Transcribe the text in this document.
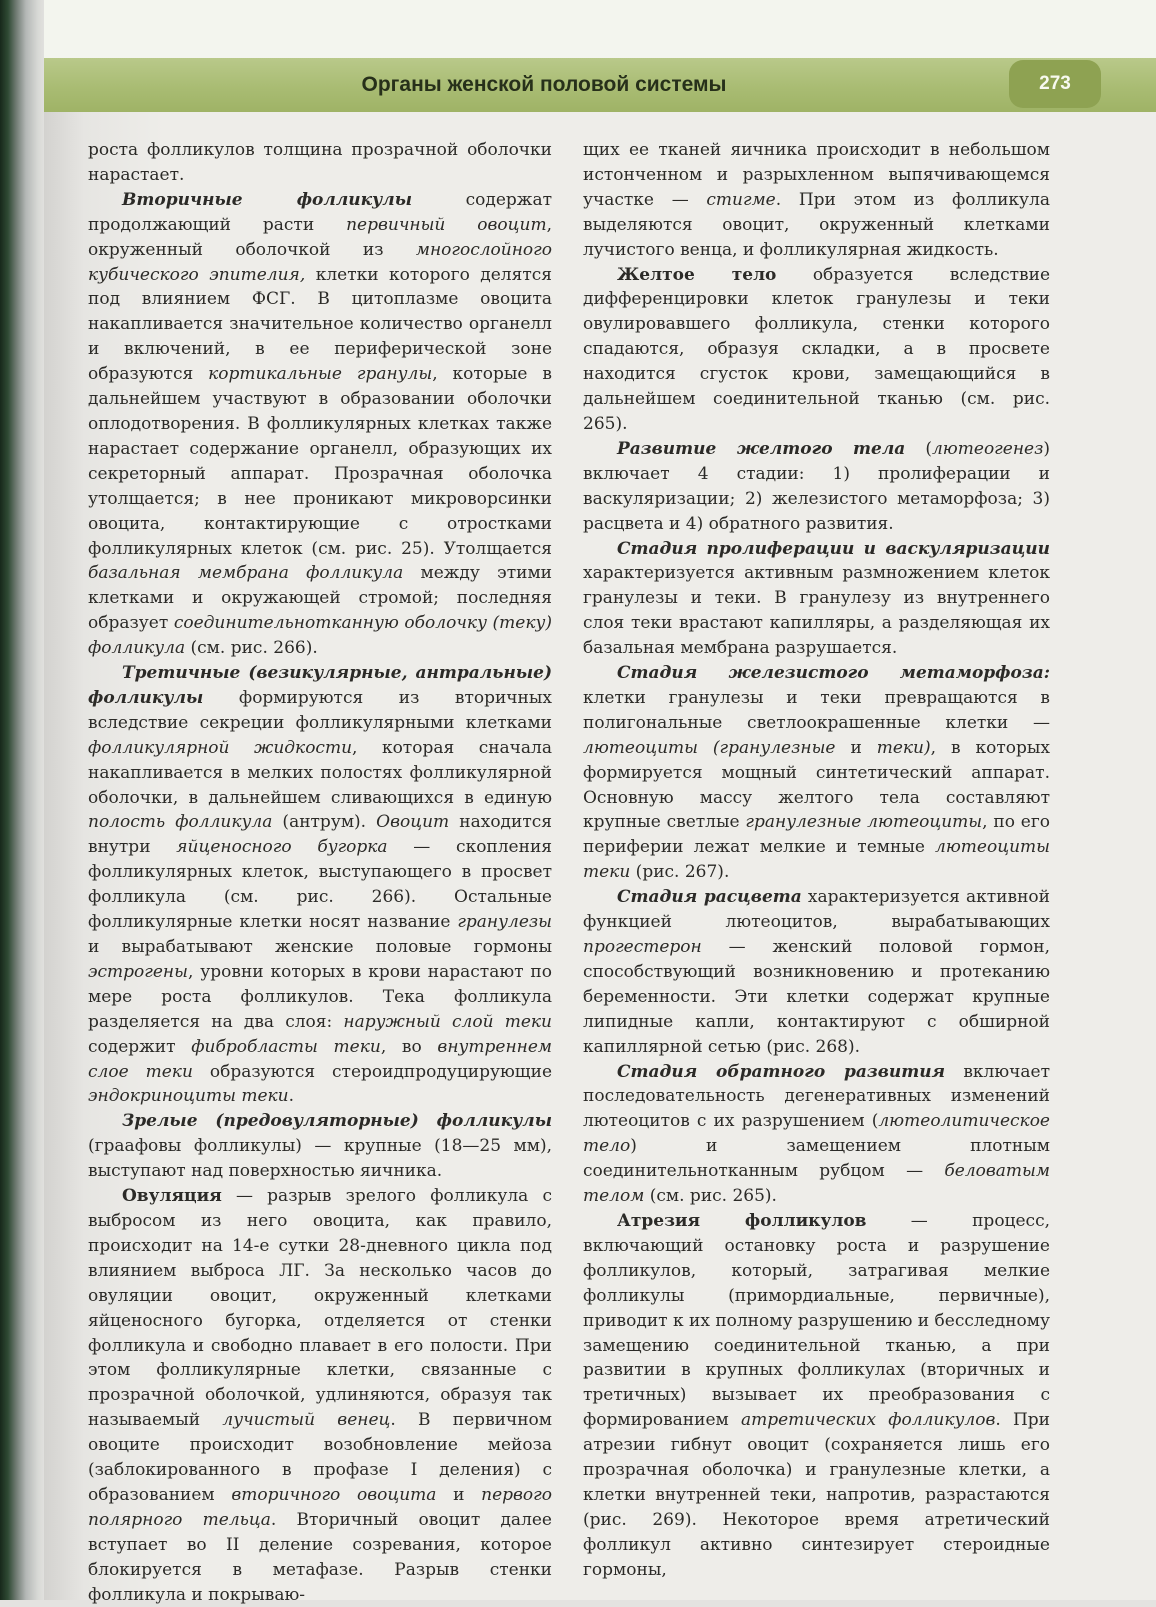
Органы женской половой системы	273

роста фолликулов толщина прозрачной оболочки нарастает.

Вторичные фолликулы содержат продолжающий расти первичный овоцит, окруженный оболочкой из многослойного кубического эпителия, клетки которого делятся под влиянием ФСГ. В цитоплазме овоцита накапливается значительное количество органелл и включений, в ее периферической зоне образуются кортикальные гранулы, которые в дальнейшем участвуют в образовании оболочки оплодотворения. В фолликулярных клетках также нарастает содержание органелл, образующих их секреторный аппарат. Прозрачная оболочка утолщается; в нее проникают микроворсинки овоцита, контактирующие с отростками фолликулярных клеток (см. рис. 25). Утолщается базальная мембрана фолликула между этими клетками и окружающей стромой; последняя образует соединительнотканную оболочку (теку) фолликула (см. рис. 266).

Третичные (везикулярные, антральные) фолликулы формируются из вторичных вследствие секреции фолликулярными клетками фолликулярной жидкости, которая сначала накапливается в мелких полостях фолликулярной оболочки, в дальнейшем сливающихся в единую полость фолликула (антрум). Овоцит находится внутри яйценосного бугорка — скопления фолликулярных клеток, выступающего в просвет фолликула (см. рис. 266). Остальные фолликулярные клетки носят название гранулезы и вырабатывают женские половые гормоны эстрогены, уровни которых в крови нарастают по мере роста фолликулов. Тека фолликула разделяется на два слоя: наружный слой теки содержит фибробласты теки, во внутреннем слое теки образуются стероидпродуцирующие эндокриноциты теки.

Зрелые (предовуляторные) фолликулы (граафовы фолликулы) — крупные (18—25 мм), выступают над поверхностью яичника.

Овуляция — разрыв зрелого фолликула с выбросом из него овоцита, как правило, происходит на 14-е сутки 28-дневного цикла под влиянием выброса ЛГ. За несколько часов до овуляции овоцит, окруженный клетками яйценосного бугорка, отделяется от стенки фолликула и свободно плавает в его полости. При этом фолликулярные клетки, связанные с прозрачной оболочкой, удлиняются, образуя так называемый лучистый венец. В первичном овоците происходит возобновление мейоза (заблокированного в профазе I деления) с образованием вторичного овоцита и первого полярного тельца. Вторичный овоцит далее вступает во II деление созревания, которое блокируется в метафазе. Разрыв стенки фолликула и покрываю-

щих ее тканей яичника происходит в небольшом истонченном и разрыхленном выпячивающемся участке — стигме. При этом из фолликула выделяются овоцит, окруженный клетками лучистого венца, и фолликулярная жидкость.

Желтое тело образуется вследствие дифференцировки клеток гранулезы и теки овулировавшего фолликула, стенки которого спадаются, образуя складки, а в просвете находится сгусток крови, замещающийся в дальнейшем соединительной тканью (см. рис. 265).

Развитие желтого тела (лютеогенез) включает 4 стадии: 1) пролиферации и васкуляризации; 2) железистого метаморфоза; 3) расцвета и 4) обратного развития.

Стадия пролиферации и васкуляризации характеризуется активным размножением клеток гранулезы и теки. В гранулезу из внутреннего слоя теки врастают капилляры, а разделяющая их базальная мембрана разрушается.

Стадия железистого метаморфоза: клетки гранулезы и теки превращаются в полигональные светлоокрашенные клетки — лютеоциты (гранулезные и теки), в которых формируется мощный синтетический аппарат. Основную массу желтого тела составляют крупные светлые гранулезные лютеоциты, по его периферии лежат мелкие и темные лютеоциты теки (рис. 267).

Стадия расцвета характеризуется активной функцией лютеоцитов, вырабатывающих прогестерон — женский половой гормон, способствующий возникновению и протеканию беременности. Эти клетки содержат крупные липидные капли, контактируют с обширной капиллярной сетью (рис. 268).

Стадия обратного развития включает последовательность дегенеративных изменений лютеоцитов с их разрушением (лютеолитическое тело) и замещением плотным соединительнотканным рубцом — беловатым телом (см. рис. 265).

Атрезия фолликулов — процесс, включающий остановку роста и разрушение фолликулов, который, затрагивая мелкие фолликулы (примордиальные, первичные), приводит к их полному разрушению и бесследному замещению соединительной тканью, а при развитии в крупных фолликулах (вторичных и третичных) вызывает их преобразования с формированием атретических фолликулов. При атрезии гибнут овоцит (сохраняется лишь его прозрачная оболочка) и гранулезные клетки, а клетки внутренней теки, напротив, разрастаются (рис. 269). Некоторое время атретический фолликул активно синтезирует стероидные гормоны,
